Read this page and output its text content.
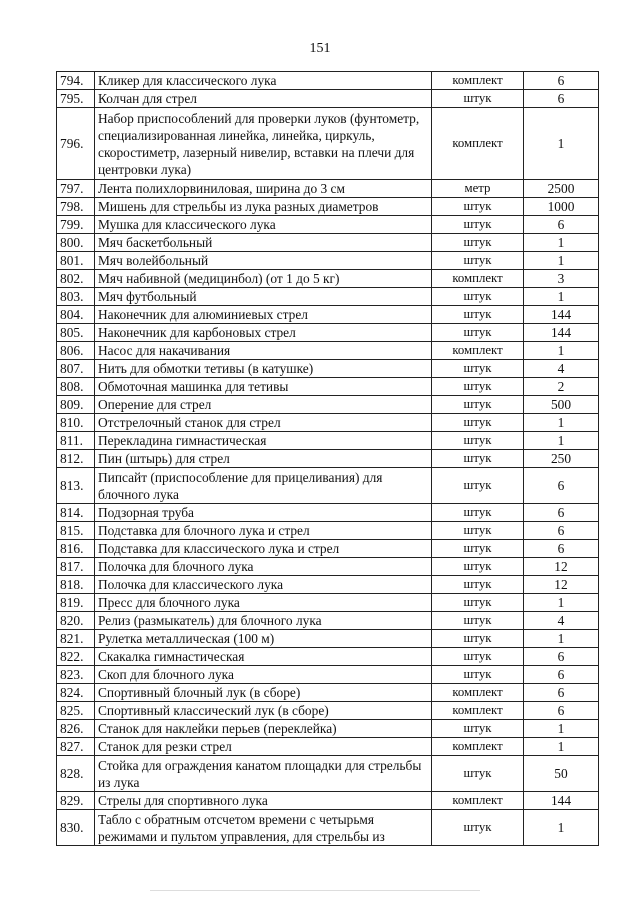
151
794.	Кликер для классического лука	комплект	6
795.	Колчан для стрел	штук	6
796.	Набор приспособлений для проверки луков (фунтометр, специализированная линейка, линейка, циркуль, скоростиметр, лазерный нивелир, вставки на плечи для центровки лука)	комплект	1
797.	Лента полихлорвиниловая, ширина до 3 см	метр	2500
798.	Мишень для стрельбы из лука разных диаметров	штук	1000
799.	Мушка для классического лука	штук	6
800.	Мяч баскетбольный	штук	1
801.	Мяч волейбольный	штук	1
802.	Мяч набивной (медицинбол) (от 1 до 5 кг)	комплект	3
803.	Мяч футбольный	штук	1
804.	Наконечник для алюминиевых стрел	штук	144
805.	Наконечник для карбоновых стрел	штук	144
806.	Насос для накачивания	комплект	1
807.	Нить для обмотки тетивы (в катушке)	штук	4
808.	Обмоточная машинка для тетивы	штук	2
809.	Оперение для стрел	штук	500
810.	Отстрелочный станок для стрел	штук	1
811.	Перекладина гимнастическая	штук	1
812.	Пин (штырь) для стрел	штук	250
813.	Пипсайт (приспособление для прицеливания) для блочного лука	штук	6
814.	Подзорная труба	штук	6
815.	Подставка для блочного лука и стрел	штук	6
816.	Подставка для классического лука и стрел	штук	6
817.	Полочка для блочного лука	штук	12
818.	Полочка для классического лука	штук	12
819.	Пресс для блочного лука	штук	1
820.	Релиз (размыкатель) для блочного лука	штук	4
821.	Рулетка металлическая (100 м)	штук	1
822.	Скакалка гимнастическая	штук	6
823.	Скоп для блочного лука	штук	6
824.	Спортивный блочный лук (в сборе)	комплект	6
825.	Спортивный классический лук (в сборе)	комплект	6
826.	Станок для наклейки перьев (переклейка)	штук	1
827.	Станок для резки стрел	комплект	1
828.	Стойка для ограждения канатом площадки для стрельбы из лука	штук	50
829.	Стрелы для спортивного лука	комплект	144
830.	Табло с обратным отсчетом времени с четырьмя режимами и пультом управления, для стрельбы из	штук	1
